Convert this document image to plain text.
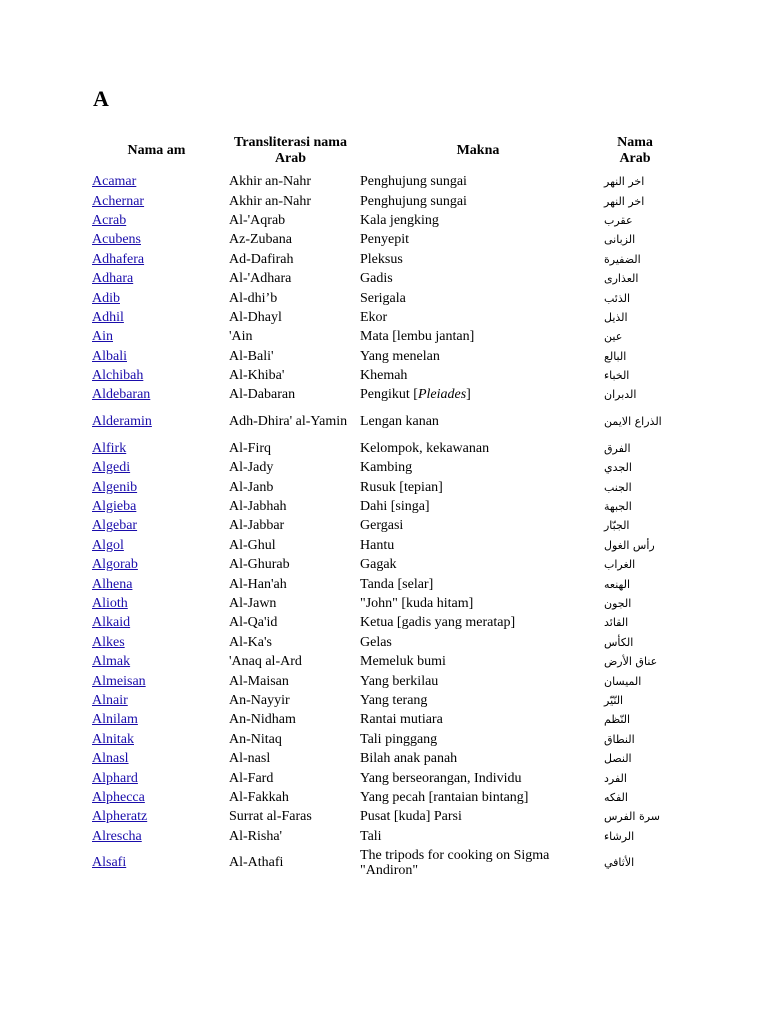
A
Nama am	Transliterasi nama Arab	Makna	Nama Arab
Acamar	Akhir an-Nahr	Penghujung sungai	اخر النهر
Achernar	Akhir an-Nahr	Penghujung sungai	اخر النهر
Acrab	Al-'Aqrab	Kala jengking	عقرب
Acubens	Az-Zubana	Penyepit	الزبانى
Adhafera	Ad-Dafirah	Pleksus	الضفيرة
Adhara	Al-'Adhara	Gadis	العذارى
Adib	Al-dhi’b	Serigala	الذئب
Adhil	Al-Dhayl	Ekor	الذيل
Ain	'Ain	Mata [lembu jantan]	عين
Albali	Al-Bali'	Yang menelan	البالع
Alchibah	Al-Khiba'	Khemah	الخباء
Aldebaran	Al-Dabaran	Pengikut [Pleiades]	الدبران
Alderamin	Adh-Dhira' al-Yamin	Lengan kanan	الذراع الايمن
Alfirk	Al-Firq	Kelompok, kekawanan	الفرق
Algedi	Al-Jady	Kambing	الجدي
Algenib	Al-Janb	Rusuk [tepian]	الجنب
Algieba	Al-Jabhah	Dahi [singa]	الجبهة
Algebar	Al-Jabbar	Gergasi	الجبّار
Algol	Al-Ghul	Hantu	رأس الغول
Algorab	Al-Ghurab	Gagak	الغراب
Alhena	Al-Han'ah	Tanda [selar]	الهنعه
Alioth	Al-Jawn	"John" [kuda hitam]	الجون
Alkaid	Al-Qa'id	Ketua [gadis yang meratap]	القائد
Alkes	Al-Ka's	Gelas	الكأس
Almak	'Anaq al-Ard	Memeluk bumi	عناق الأرض
Almeisan	Al-Maisan	Yang berkilau	الميسان
Alnair	An-Nayyir	Yang terang	النّيّر
Alnilam	An-Nidham	Rantai mutiara	النّظم
Alnitak	An-Nitaq	Tali pinggang	النطاق
Alnasl	Al-nasl	Bilah anak panah	النصل
Alphard	Al-Fard	Yang berseorangan, Individu	الفرد
Alphecca	Al-Fakkah	Yang pecah [rantaian bintang]	الفكه
Alpheratz	Surrat al-Faras	Pusat [kuda] Parsi	سرة الفرس
Alrescha	Al-Risha'	Tali	الرشاء
Alsafi	Al-Athafi	The tripods for cooking on Sigma "Andiron"	الأثافي
